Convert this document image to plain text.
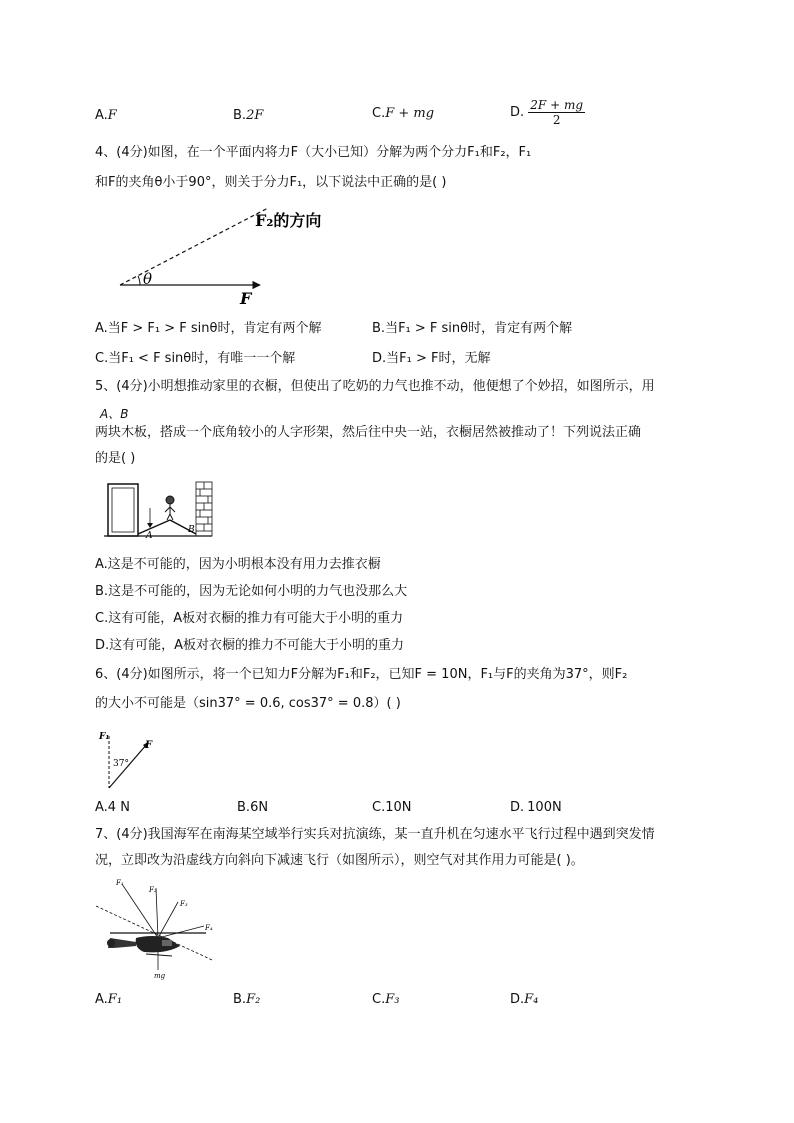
A.F	B.2F	C.F + mg	D. $\frac{2F + mg}{2}$
4、(4分)如图，在一个平面内将力F（大小已知）分解为两个分力F₁和F₂，F₁
和F的夹角θ小于90°，则关于分力F₁，以下说法中正确的是( )
θ
F
F₂的方向
A.当F > F₁ > F sinθ时，肯定有两个解	B.当F₁ > F sinθ时，肯定有两个解
C.当F₁ < F sinθ时，有唯一一个解	D.当F₁ > F时，无解
5、(4分)小明想推动家里的衣橱，但使出了吃奶的力气也推不动，他便想了个妙招，如图所示，用
A、B
两块木板，搭成一个底角较小的人字形架，然后往中央一站，衣橱居然被推动了！下列说法正确
的是( )
A
B
A.这是不可能的，因为小明根本没有用力去推衣橱
B.这是不可能的，因为无论如何小明的力气也没那么大
C.这有可能，A板对衣橱的推力有可能大于小明的重力
D.这有可能，A板对衣橱的推力不可能大于小明的重力
6、(4分)如图所示，将一个已知力F分解为F₁和F₂，已知F = 10N，F₁与F的夹角为37°，则F₂
的大小不可能是（sin37° = 0.6, cos37° = 0.8）( )
F₁
F
37°
A.4 N	B.6N	C.10N	D. 100N
7、(4分)我国海军在南海某空域举行实兵对抗演练，某一直升机在匀速水平飞行过程中遇到突发情
况，立即改为沿虚线方向斜向下减速飞行（如图所示），则空气对其作用力可能是( )。
F₁
F₂
F₃
F₄
mg
A.F₁	B.F₂	C.F₃	D.F₄
